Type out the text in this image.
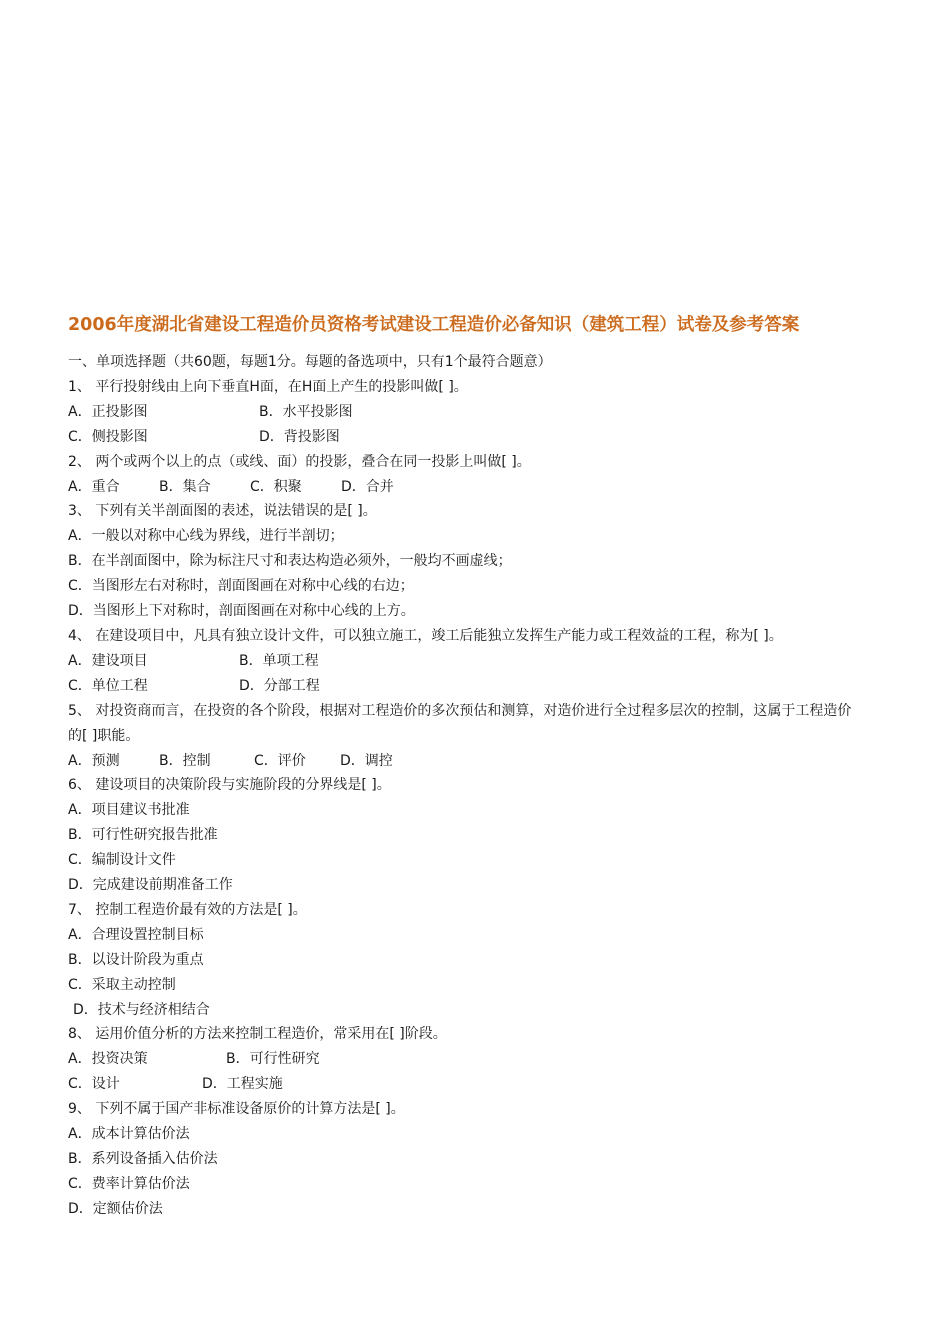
2006年度湖北省建设工程造价员资格考试建设工程造价必备知识（建筑工程）试卷及参考答案
一、单项选择题（共60题，每题1分。每题的备选项中，只有1个最符合题意）
1、 平行投射线由上向下垂直H面，在H面上产生的投影叫做[ ]。
A．正投影图	B．水平投影图
C．侧投影图	D．背投影图
2、 两个或两个以上的点（或线、面）的投影，叠合在同一投影上叫做[ ]。
A．重合	B．集合	C．积聚	D．合并
3、 下列有关半剖面图的表述，说法错误的是[ ]。
A．一般以对称中心线为界线，进行半剖切；
B．在半剖面图中，除为标注尺寸和表达构造必须外，一般均不画虚线；
C．当图形左右对称时，剖面图画在对称中心线的右边；
D．当图形上下对称时，剖面图画在对称中心线的上方。
4、 在建设项目中，凡具有独立设计文件，可以独立施工，竣工后能独立发挥生产能力或工程效益的工程，称为[ ]。
A．建设项目	B．单项工程
C．单位工程	D．分部工程
5、 对投资商而言，在投资的各个阶段，根据对工程造价的多次预估和测算，对造价进行全过程多层次的控制，这属于工程造价
的[ ]职能。
A．预测	B．控制	C．评价	D．调控
6、 建设项目的决策阶段与实施阶段的分界线是[ ]。
A．项目建议书批准
B．可行性研究报告批准
C．编制设计文件
D．完成建设前期准备工作
7、 控制工程造价最有效的方法是[ ]。
A．合理设置控制目标
B．以设计阶段为重点
C．采取主动控制
D．技术与经济相结合
8、 运用价值分析的方法来控制工程造价，常采用在[ ]阶段。
A．投资决策	B．可行性研究
C．设计	D．工程实施
9、 下列不属于国产非标准设备原价的计算方法是[ ]。
A．成本计算估价法
B．系列设备插入估价法
C．费率计算估价法
D．定额估价法
